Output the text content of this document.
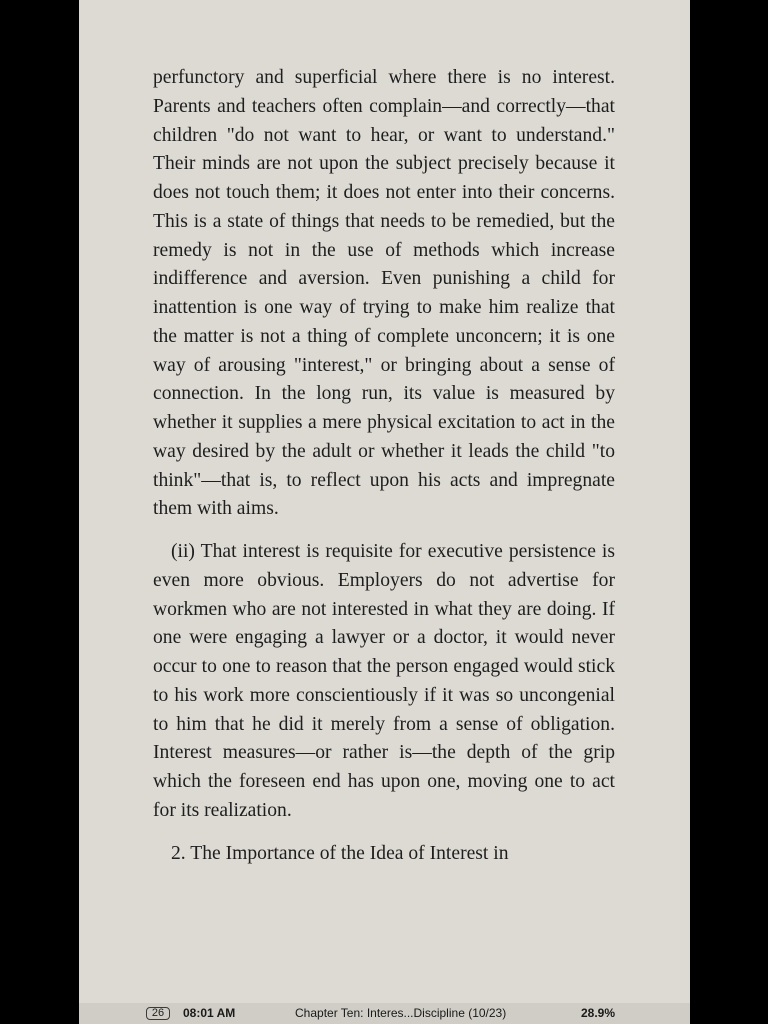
perfunctory and superficial where there is no interest. Parents and teachers often complain—and correctly—that children "do not want to hear, or want to understand." Their minds are not upon the subject precisely because it does not touch them; it does not enter into their concerns. This is a state of things that needs to be remedied, but the remedy is not in the use of methods which increase indifference and aversion. Even punishing a child for inattention is one way of trying to make him realize that the matter is not a thing of complete unconcern; it is one way of arousing "interest," or bringing about a sense of connection. In the long run, its value is measured by whether it supplies a mere physical excitation to act in the way desired by the adult or whether it leads the child "to think"—that is, to reflect upon his acts and impregnate them with aims.

(ii) That interest is requisite for executive persistence is even more obvious. Employers do not advertise for workmen who are not interested in what they are doing. If one were engaging a lawyer or a doctor, it would never occur to one to reason that the person engaged would stick to his work more conscientiously if it was so uncongenial to him that he did it merely from a sense of obligation. Interest measures—or rather is—the depth of the grip which the foreseen end has upon one, moving one to act for its realization.

2. The Importance of the Idea of Interest in

26	08:01 AM	Chapter Ten: Interes...Discipline (10/23)	28.9%
